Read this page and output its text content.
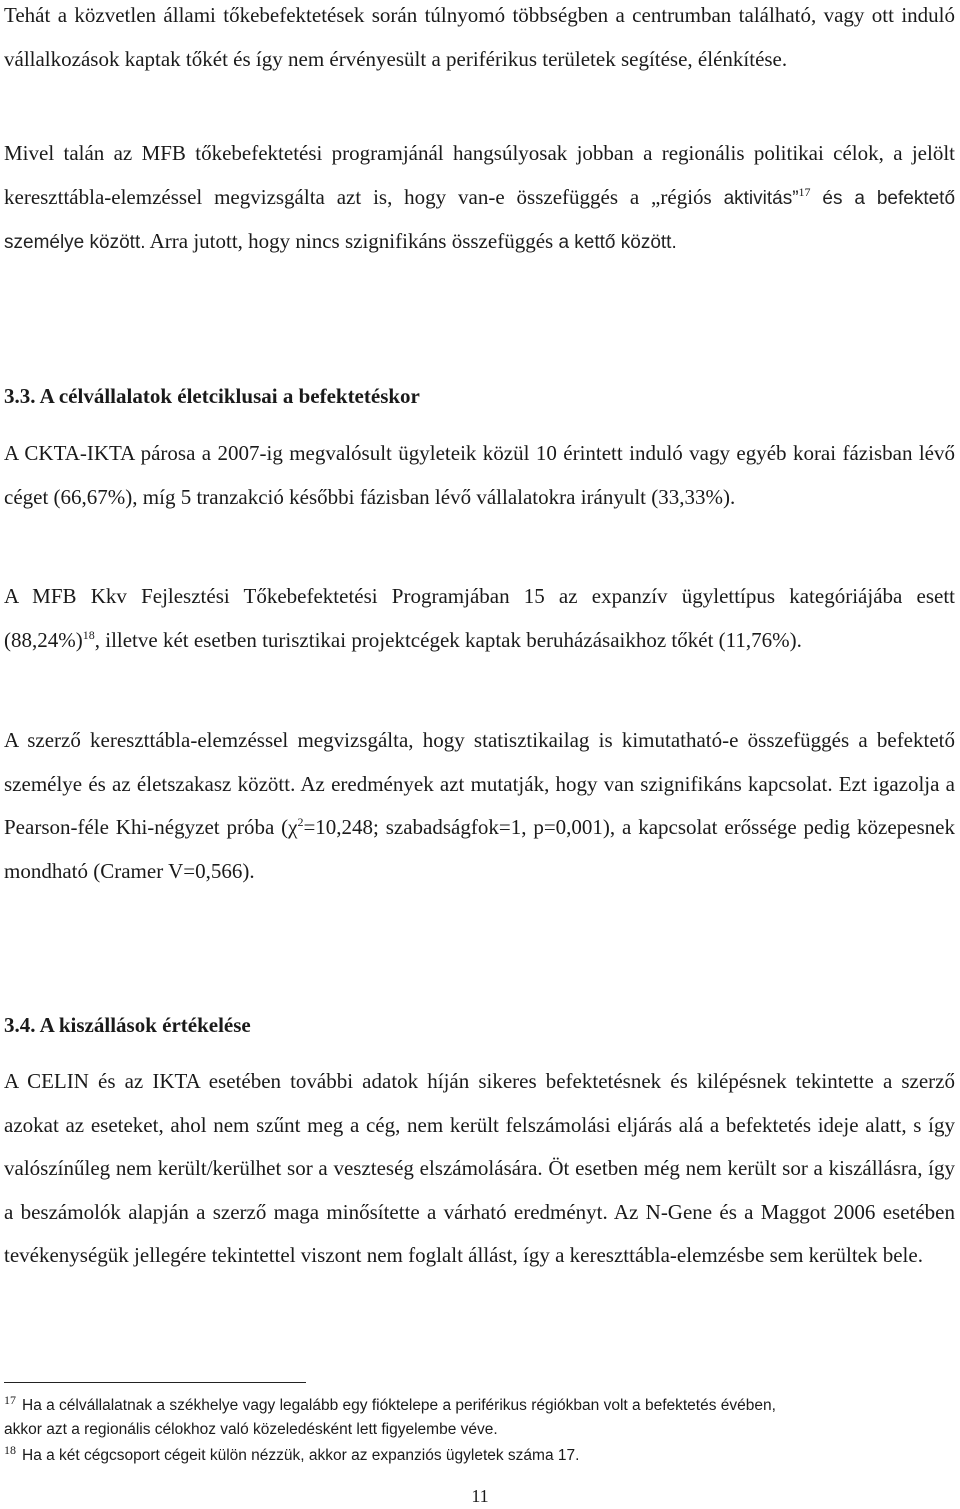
Tehát a közvetlen állami tőkebefektetések során túlnyomó többségben a centrumban található, vagy ott induló vállalkozások kaptak tőkét és így nem érvényesült a periférikus területek segítése, élénkítése.

Mivel talán az MFB tőkebefektetési programjánál hangsúlyosak jobban a regionális politikai célok, a jelölt kereszttábla-elemzéssel megvizsgálta azt is, hogy van-e összefüggés a „régiós aktivitás”$^{17}$ és a befektető személye között. Arra jutott, hogy nincs szignifikáns összefüggés a kettő között.

3.3. A célvállalatok életciklusai a befektetéskor

A CKTA-IKTA párosa a 2007-ig megvalósult ügyleteik közül 10 érintett induló vagy egyéb korai fázisban lévő céget (66,67%), míg 5 tranzakció későbbi fázisban lévő vállalatokra irányult (33,33%).

A MFB Kkv Fejlesztési Tőkebefektetési Programjában 15 az expanzív ügylettípus kategóriájába esett $(88,24\%)^{18}$, illetve két esetben turisztikai projektcégek kaptak beruházásaikhoz tőkét (11,76%).

A szerző kereszttábla-elemzéssel megvizsgálta, hogy statisztikailag is kimutatható-e összefüggés a befektető személye és az életszakasz között. Az eredmények azt mutatják, hogy van szignifikáns kapcsolat. Ezt igazolja a Pearson-féle Khi-négyzet próba ($\chi^2=10,248$; szabadságfok=1, p=0,001), a kapcsolat erőssége pedig közepesnek mondható (Cramer V=0,566).

3.4. A kiszállások értékelése

A CELIN és az IKTA esetében további adatok híján sikeres befektetésnek és kilépésnek tekintette a szerző azokat az eseteket, ahol nem szűnt meg a cég, nem került felszámolási eljárás alá a befektetés ideje alatt, s így valószínűleg nem került/kerülhet sor a veszteség elszámolására. Öt esetben még nem került sor a kiszállásra, így a beszámolók alapján a szerző maga minősítette a várható eredményt. Az N-Gene és a Maggot 2006 esetében tevékenységük jellegére tekintettel viszont nem foglalt állást, így a kereszttábla-elemzésbe sem kerültek bele.

$^{17}$ Ha a célvállalatnak a székhelye vagy legalább egy fióktelepe a periférikus régiókban volt a befektetés évében,
akkor azt a regionális célokhoz való közeledésként lett figyelembe véve.

$^{18}$ Ha a két cégcsoport cégeit külön nézzük, akkor az expanziós ügyletek száma 17.

11
